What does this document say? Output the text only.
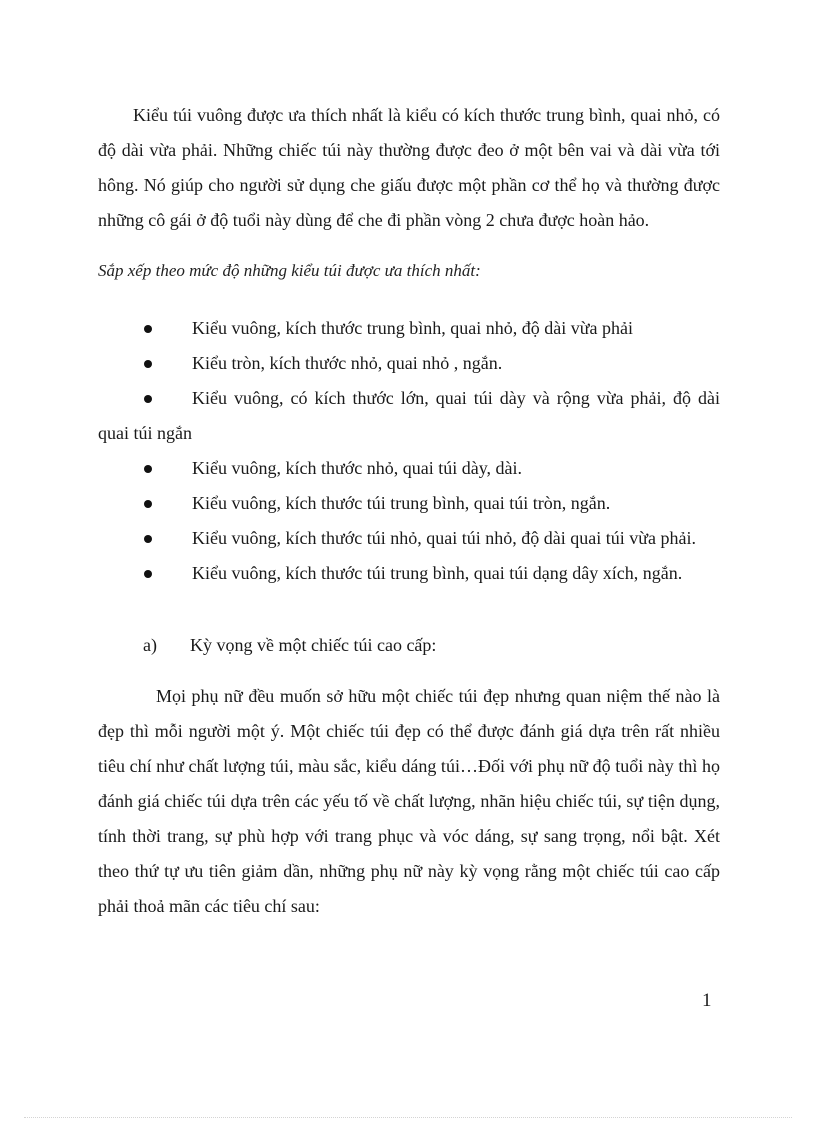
Kiểu túi vuông được ưa thích nhất là kiểu có kích thước trung bình, quai nhỏ, có độ dài vừa phải. Những chiếc túi này thường được đeo ở một bên vai và dài vừa tới hông. Nó giúp cho người sử dụng che giấu được một phần cơ thể họ và thường được những cô gái ở độ tuổi này dùng để che đi phần vòng 2 chưa được hoàn hảo.

Sắp xếp theo mức độ những kiểu túi được ưa thích nhất:

Kiểu vuông, kích thước trung bình, quai nhỏ, độ dài vừa phải
Kiểu tròn, kích thước nhỏ, quai nhỏ , ngắn.
Kiểu vuông, có kích thước lớn, quai túi dày và rộng vừa phải, độ dài quai túi ngắn
Kiểu vuông, kích thước nhỏ, quai túi dày, dài.
Kiểu vuông, kích thước túi trung bình, quai túi tròn, ngắn.
Kiểu vuông, kích thước túi nhỏ, quai túi nhỏ, độ dài quai túi vừa phải.
Kiểu vuông, kích thước túi trung bình, quai túi dạng dây xích, ngắn.

a) Kỳ vọng về một chiếc túi cao cấp:

Mọi phụ nữ đều muốn sở hữu một chiếc túi đẹp nhưng quan niệm thế nào là đẹp thì mỗi người một ý. Một chiếc túi đẹp có thể được đánh giá dựa trên rất nhiều tiêu chí như chất lượng túi, màu sắc, kiểu dáng túi…Đối với phụ nữ độ tuổi này thì họ đánh giá chiếc túi dựa trên các yếu tố về chất lượng, nhãn hiệu chiếc túi, sự tiện dụng, tính thời trang, sự phù hợp với trang phục và vóc dáng, sự sang trọng, nổi bật. Xét theo thứ tự ưu tiên giảm dần, những phụ nữ này kỳ vọng rằng một chiếc túi cao cấp phải thoả mãn các tiêu chí sau:

1
